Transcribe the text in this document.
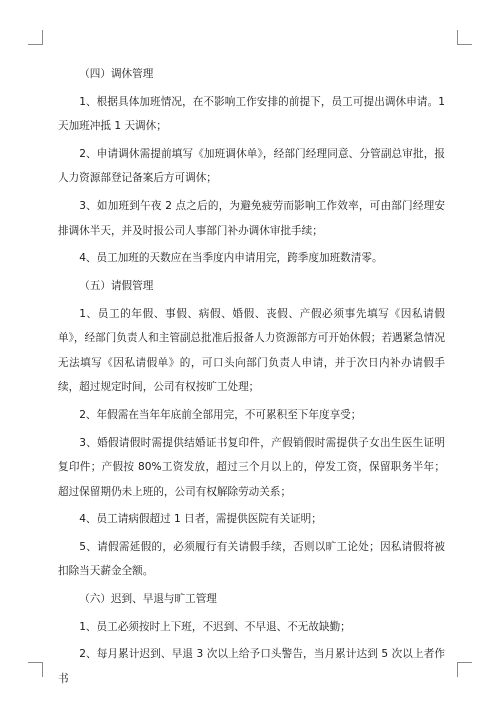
（四）调休管理

1、根据具体加班情况，在不影响工作安排的前提下，员工可提出调休申请。1 天加班冲抵 1 天调休；

2、申请调休需提前填写《加班调休单》，经部门经理同意、分管副总审批，报人力资源部登记备案后方可调休；

3、如加班到午夜 2 点之后的，为避免疲劳而影响工作效率，可由部门经理安排调休半天，并及时报公司人事部门补办调休审批手续；

4、员工加班的天数应在当季度内申请用完，跨季度加班数清零。

（五）请假管理

1、员工的年假、事假、病假、婚假、丧假、产假必须事先填写《因私请假单》，经部门负责人和主管副总批准后报备人力资源部方可开始休假；若遇紧急情况无法填写《因私请假单》的，可口头向部门负责人申请，并于次日内补办请假手续，超过规定时间，公司有权按旷工处理；

2、年假需在当年年底前全部用完，不可累积至下年度享受；

3、婚假请假时需提供结婚证书复印件，产假销假时需提供子女出生医生证明复印件；产假按 80%工资发放，超过三个月以上的，停发工资，保留职务半年；超过保留期仍未上班的，公司有权解除劳动关系；

4、员工请病假超过 1 日者，需提供医院有关证明；

5、请假需延假的，必须履行有关请假手续，否则以旷工论处；因私请假将被扣除当天薪金全额。

（六）迟到、早退与旷工管理

1、员工必须按时上下班，不迟到、不早退、不无故缺勤；

2、每月累计迟到、早退 3 次以上给予口头警告，当月累计达到 5 次以上者作书
